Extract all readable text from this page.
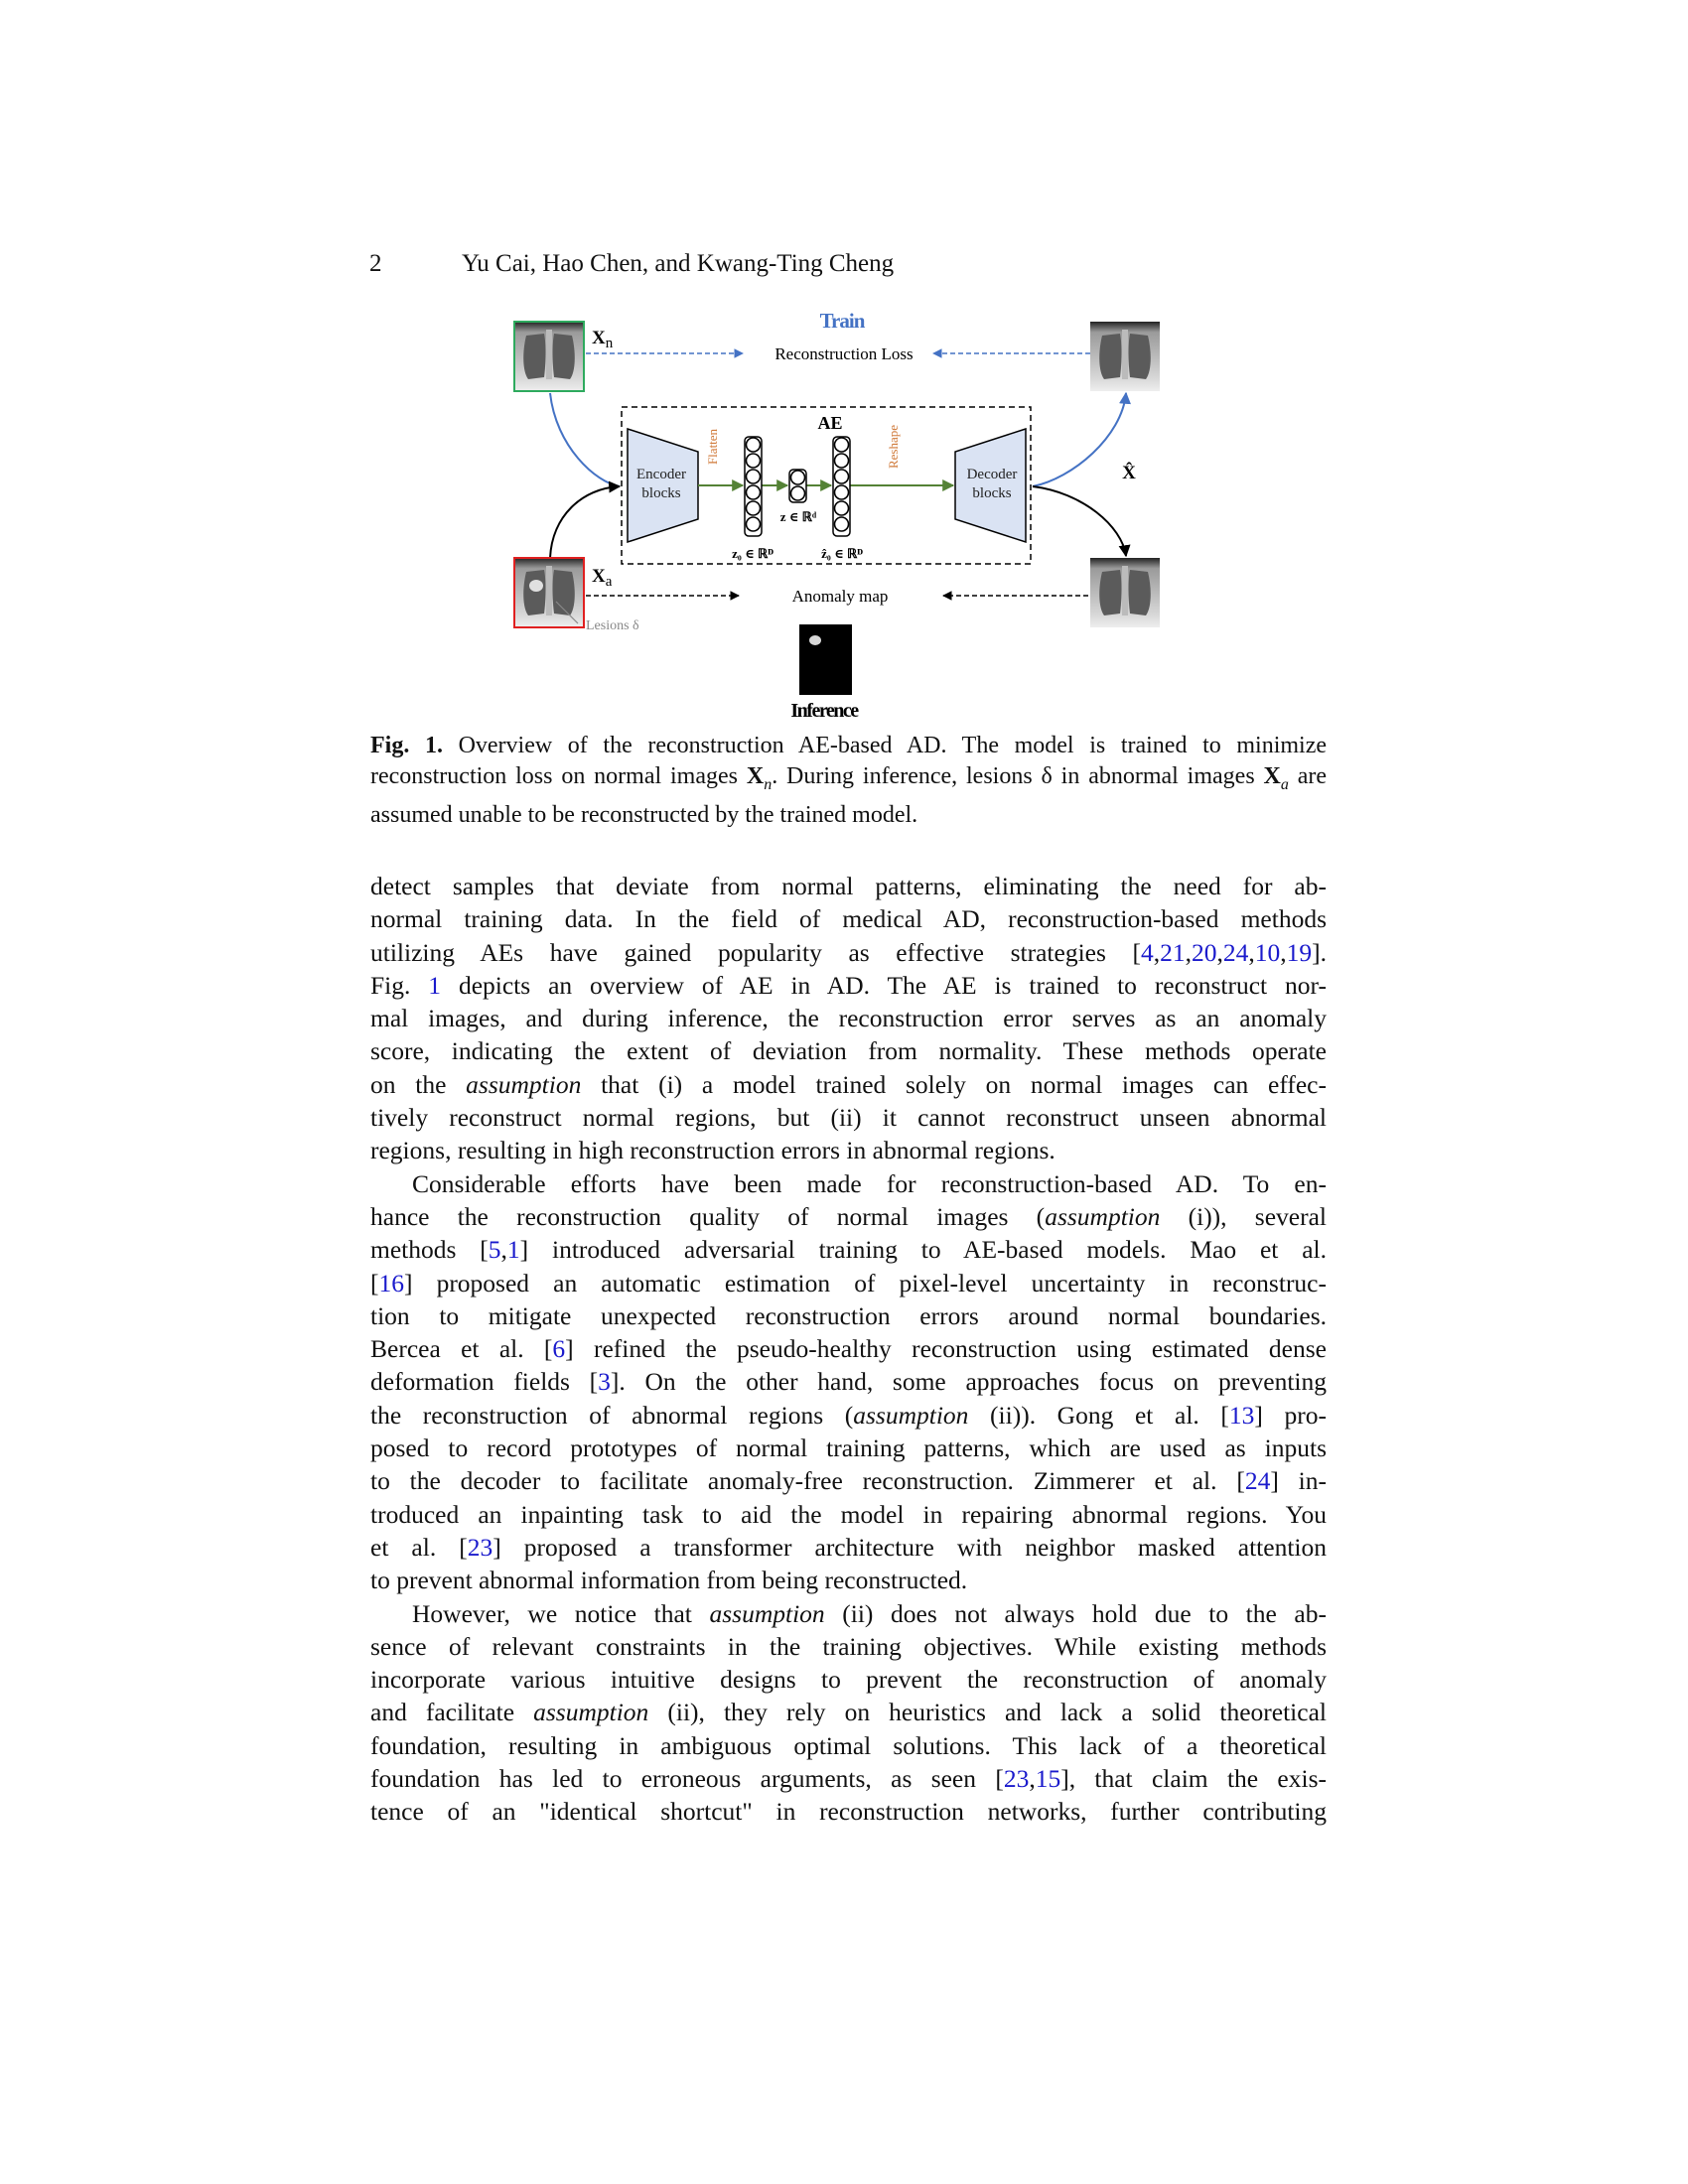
2	Yu Cai, Hao Chen, and Kwang-Ting Cheng
$X_n$
Train
Reconstruction Loss
X̂
AE
Encoder
blocks
Decoder
blocks
Flatten	Reshape
z ∈ ℝᵈ
z₀ ∈ ℝᴰ	ẑ₀ ∈ ℝᴰ
$X_a$
Lesions δ
Anomaly map
Inference
Fig. 1. Overview of the reconstruction AE-based AD. The model is trained to minimize reconstruction loss on normal images $X_n$. During inference, lesions δ in abnormal images $X_a$ are assumed unable to be reconstructed by the trained model.

detect samples that deviate from normal patterns, eliminating the need for ab-

normal training data. In the field of medical AD, reconstruction-based methods

utilizing AEs have gained popularity as effective strategies [4,21,20,24,10,19].

Fig. 1 depicts an overview of AE in AD. The AE is trained to reconstruct nor-

mal images, and during inference, the reconstruction error serves as an anomaly

score, indicating the extent of deviation from normality. These methods operate

on the assumption that (i) a model trained solely on normal images can effec-

tively reconstruct normal regions, but (ii) it cannot reconstruct unseen abnormal

regions, resulting in high reconstruction errors in abnormal regions.

Considerable efforts have been made for reconstruction-based AD. To en-

hance the reconstruction quality of normal images (assumption (i)), several

methods [5,1] introduced adversarial training to AE-based models. Mao et al.

[16] proposed an automatic estimation of pixel-level uncertainty in reconstruc-

tion to mitigate unexpected reconstruction errors around normal boundaries.

Bercea et al. [6] refined the pseudo-healthy reconstruction using estimated dense

deformation fields [3]. On the other hand, some approaches focus on preventing

the reconstruction of abnormal regions (assumption (ii)). Gong et al. [13] pro-

posed to record prototypes of normal training patterns, which are used as inputs

to the decoder to facilitate anomaly-free reconstruction. Zimmerer et al. [24] in-

troduced an inpainting task to aid the model in repairing abnormal regions. You

et al. [23] proposed a transformer architecture with neighbor masked attention

to prevent abnormal information from being reconstructed.

However, we notice that assumption (ii) does not always hold due to the ab-

sence of relevant constraints in the training objectives. While existing methods

incorporate various intuitive designs to prevent the reconstruction of anomaly

and facilitate assumption (ii), they rely on heuristics and lack a solid theoretical

foundation, resulting in ambiguous optimal solutions. This lack of a theoretical

foundation has led to erroneous arguments, as seen [23,15], that claim the exis-

tence of an "identical shortcut" in reconstruction networks, further contributing
